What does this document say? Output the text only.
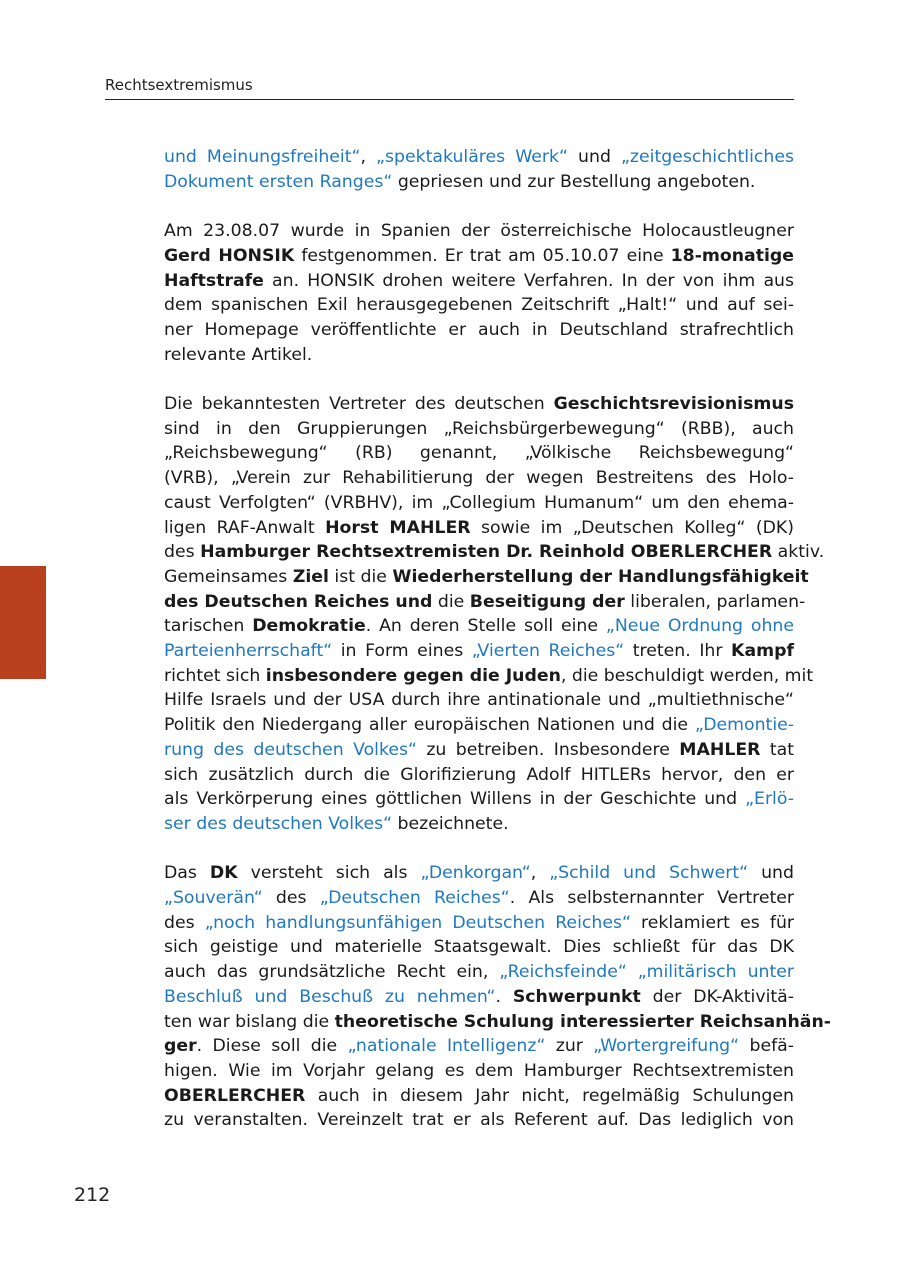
Rechtsextremismus

und Meinungsfreiheit“, „spektakuläres Werk“ und „zeitgeschichtliches
Dokument ersten Ranges“ gepriesen und zur Bestellung angeboten.

Am 23.08.07 wurde in Spanien der österreichische Holocaustleugner
Gerd HONSIK festgenommen. Er trat am 05.10.07 eine 18-monatige
Haftstrafe an. HONSIK drohen weitere Verfahren. In der von ihm aus
dem spanischen Exil herausgegebenen Zeitschrift „Halt!“ und auf sei-
ner Homepage veröffentlichte er auch in Deutschland strafrechtlich
relevante Artikel.

Die bekanntesten Vertreter des deutschen Geschichtsrevisionismus
sind in den Gruppierungen „Reichsbürgerbewegung“ (RBB), auch
„Reichsbewegung“ (RB) genannt, „Völkische Reichsbewegung“
(VRB), „Verein zur Rehabilitierung der wegen Bestreitens des Holo-
caust Verfolgten“ (VRBHV), im „Collegium Humanum“ um den ehema-
ligen RAF-Anwalt Horst MAHLER sowie im „Deutschen Kolleg“ (DK)
des Hamburger Rechtsextremisten Dr. Reinhold OBERLERCHER aktiv.
Gemeinsames Ziel ist die Wiederherstellung der Handlungsfähigkeit
des Deutschen Reiches und die Beseitigung der liberalen, parlamen-
tarischen Demokratie. An deren Stelle soll eine „Neue Ordnung ohne
Parteienherrschaft“ in Form eines „Vierten Reiches“ treten. Ihr Kampf
richtet sich insbesondere gegen die Juden, die beschuldigt werden, mit
Hilfe Israels und der USA durch ihre antinationale und „multiethnische“
Politik den Niedergang aller europäischen Nationen und die „Demontie-
rung des deutschen Volkes“ zu betreiben. Insbesondere MAHLER tat
sich zusätzlich durch die Glorifizierung Adolf HITLERs hervor, den er
als Verkörperung eines göttlichen Willens in der Geschichte und „Erlö-
ser des deutschen Volkes“ bezeichnete.

Das DK versteht sich als „Denkorgan“, „Schild und Schwert“ und
„Souverän“ des „Deutschen Reiches“. Als selbsternannter Vertreter
des „noch handlungsunfähigen Deutschen Reiches“ reklamiert es für
sich geistige und materielle Staatsgewalt. Dies schließt für das DK
auch das grundsätzliche Recht ein, „Reichsfeinde“ „militärisch unter
Beschluß und Beschuß zu nehmen“. Schwerpunkt der DK-Aktivitä-
ten war bislang die theoretische Schulung interessierter Reichsanhän-
ger. Diese soll die „nationale Intelligenz“ zur „Wortergreifung“ befä-
higen. Wie im Vorjahr gelang es dem Hamburger Rechtsextremisten
OBERLERCHER auch in diesem Jahr nicht, regelmäßig Schulungen
zu veranstalten. Vereinzelt trat er als Referent auf. Das lediglich von

212
